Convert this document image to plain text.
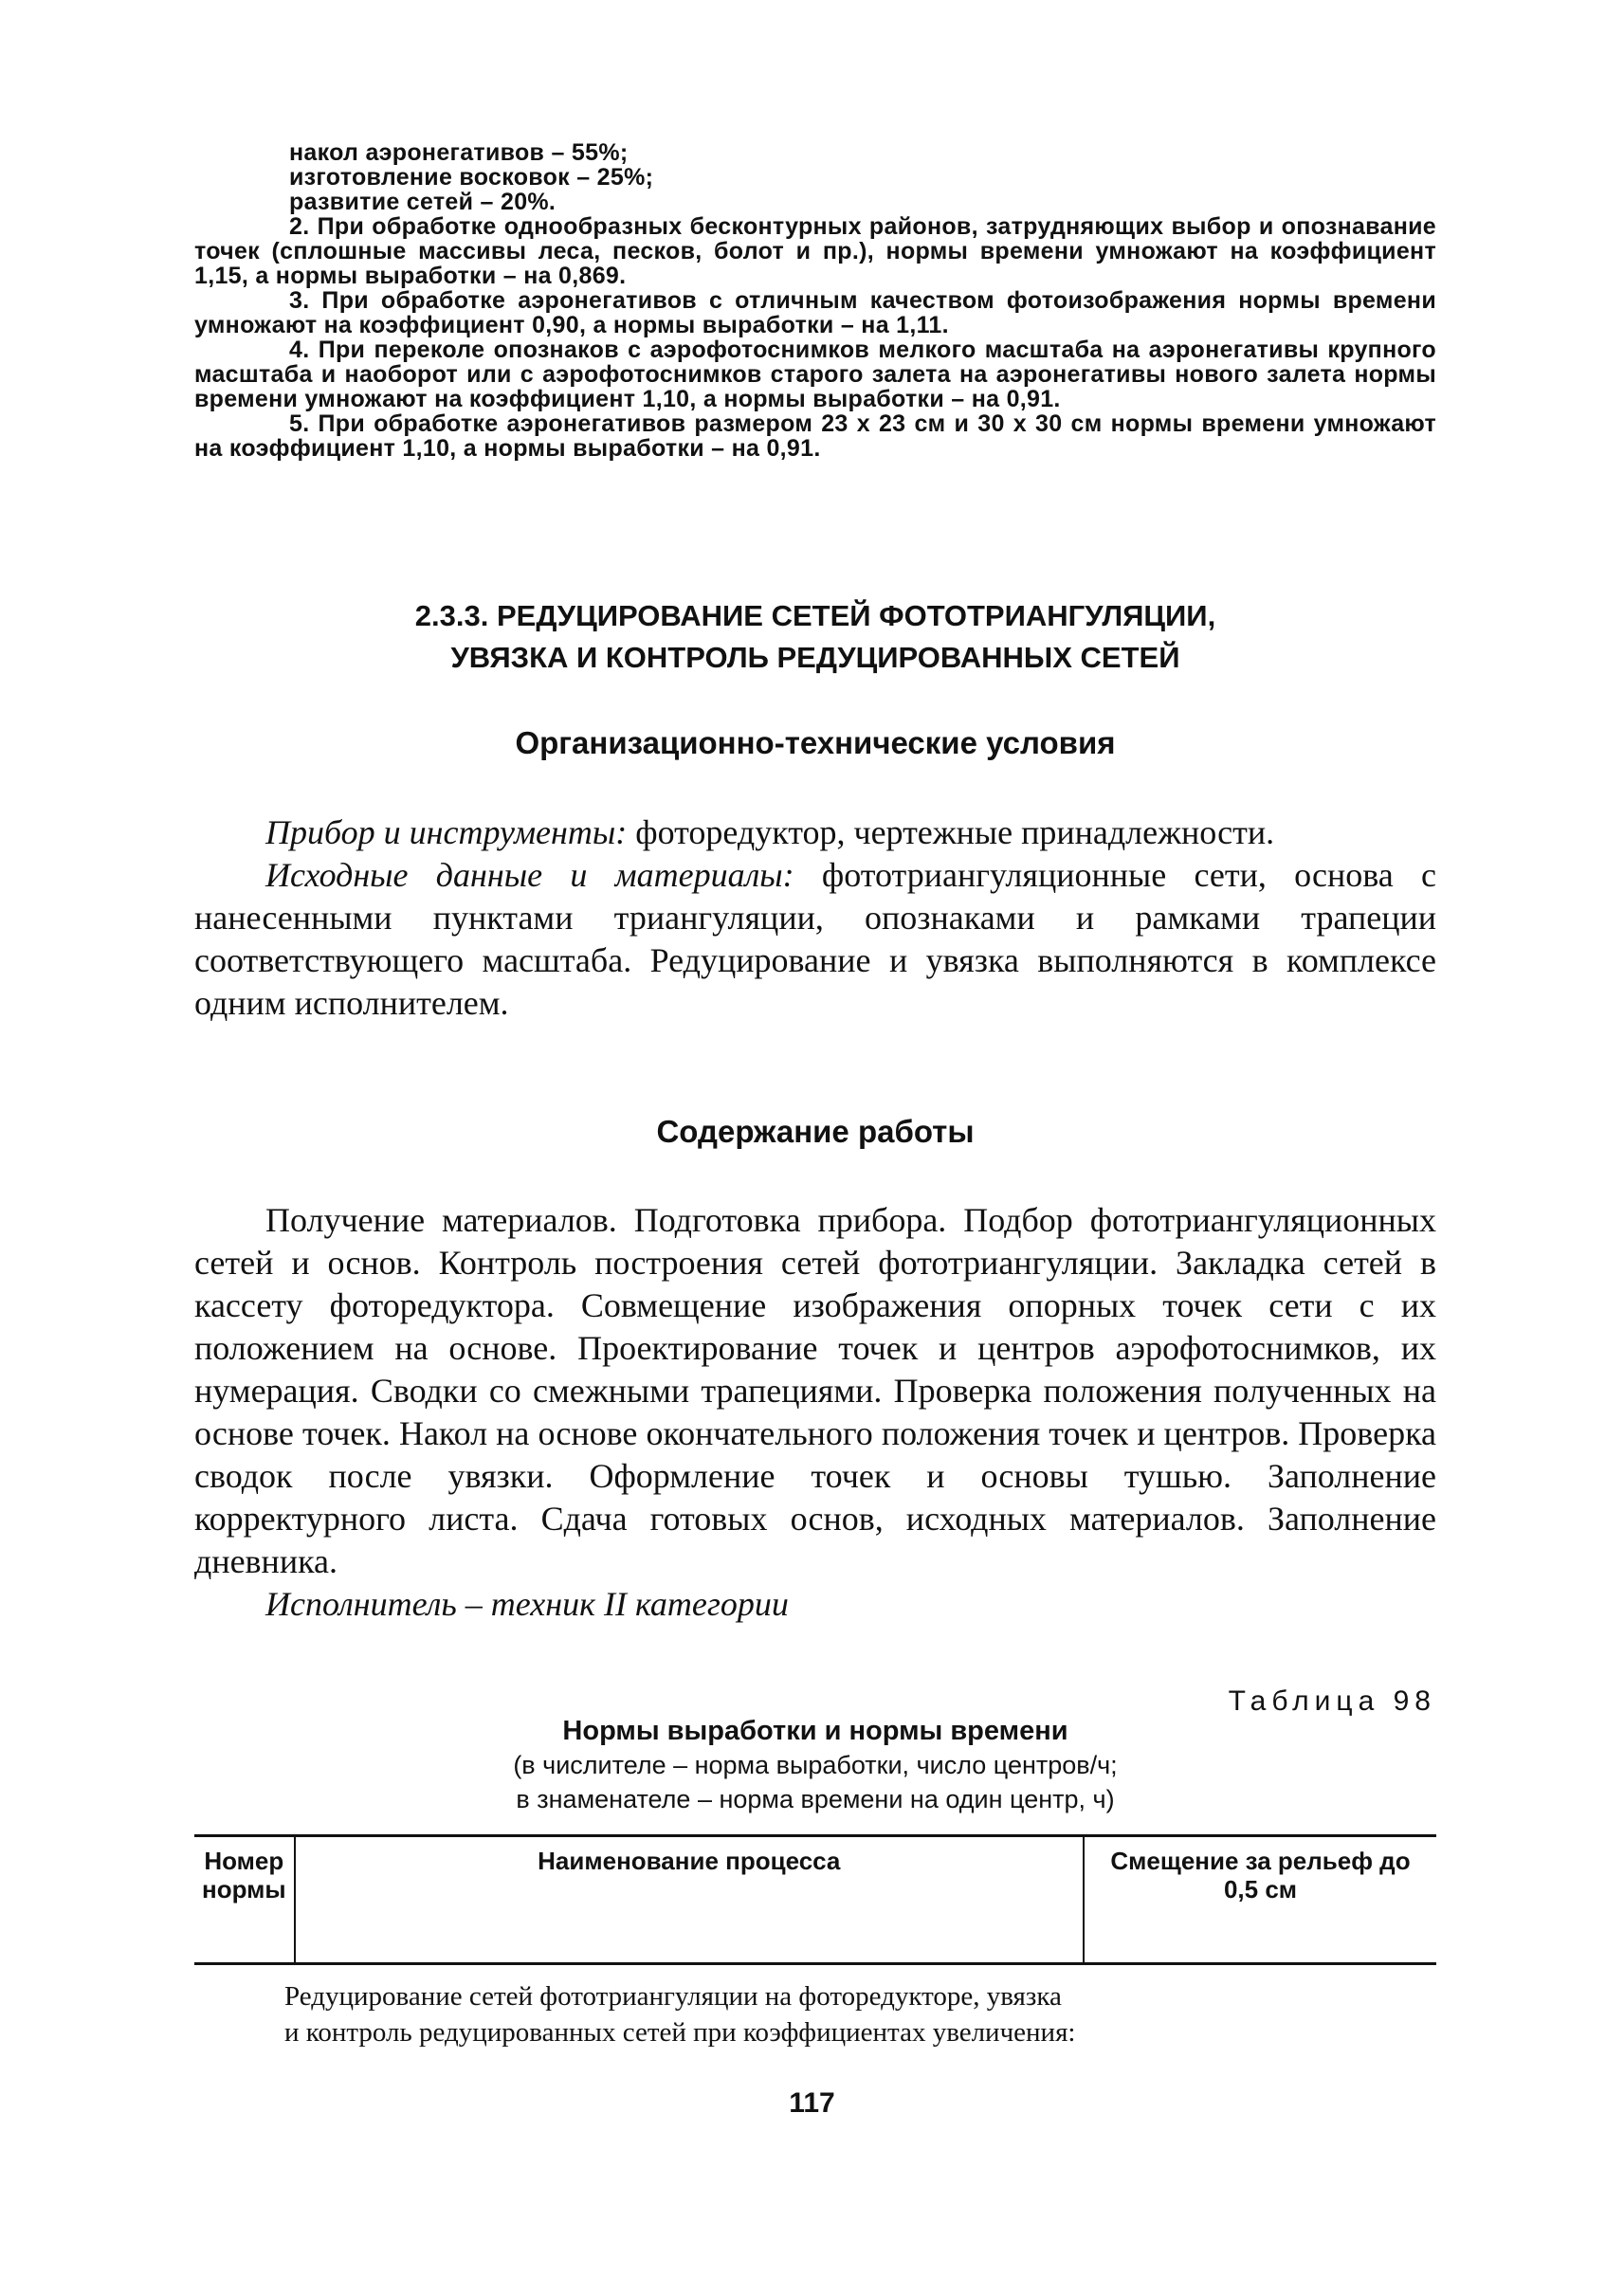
накол аэронегативов – 55%;

изготовление восковок – 25%;

развитие сетей – 20%.

2. При обработке однообразных бесконтурных районов, затрудняющих выбор и опознавание точек (сплошные массивы леса, песков, болот и пр.), нормы времени умножают на коэффициент 1,15, а нормы выработки – на 0,869.

3. При обработке аэронегативов с отличным качеством фотоизображения нормы времени умножают на коэффициент 0,90, а нормы выработки – на 1,11.

4. При переколе опознаков с аэрофотоснимков мелкого масштаба на аэронегативы крупного масштаба и наоборот или с аэрофотоснимков старого залета на аэронегативы нового залета нормы времени умножают на коэффициент 1,10, а нормы выработки – на 0,91.

5. При обработке аэронегативов размером 23 х 23 см и 30 х 30 см нормы времени умножают на коэффициент 1,10, а нормы выработки – на 0,91.

2.3.3. РЕДУЦИРОВАНИЕ СЕТЕЙ ФОТОТРИАНГУЛЯЦИИ,
УВЯЗКА И КОНТРОЛЬ РЕДУЦИРОВАННЫХ СЕТЕЙ
Организационно-технические условия

Прибор и инструменты: фоторедуктор, чертежные принадлежности.

Исходные данные и материалы: фототриангуляционные сети, основа с нанесенными пунктами триангуляции, опознаками и рамками трапеции соответствующего масштаба. Редуцирование и увязка выполняются в комплексе одним исполнителем.

Содержание работы

Получение материалов. Подготовка прибора. Подбор фототриангуляционных сетей и основ. Контроль построения сетей фототриангуляции. Закладка сетей в кассету фоторедуктора. Совмещение изображения опорных точек сети с их положением на основе. Проектирование точек и центров аэрофотоснимков, их нумерация. Сводки со смежными трапециями. Проверка положения полученных на основе точек. Накол на основе окончательного положения точек и центров. Проверка сводок после увязки. Оформление точек и основы тушью. Заполнение корректурного листа. Сдача готовых основ, исходных материалов. Заполнение дневника.

Исполнитель – техник II категории

Таблица 98
Нормы выработки и нормы времени
(в числителе – норма выработки, число центров/ч;
в знаменателе – норма времени на один центр, ч)
Номер нормы	Наименование процесса	Смещение за рельеф до 0,5 см
Редуцирование сетей фототриангуляции на фоторедукторе, увязка и контроль редуцированных сетей при коэффициентах увеличения:
117
